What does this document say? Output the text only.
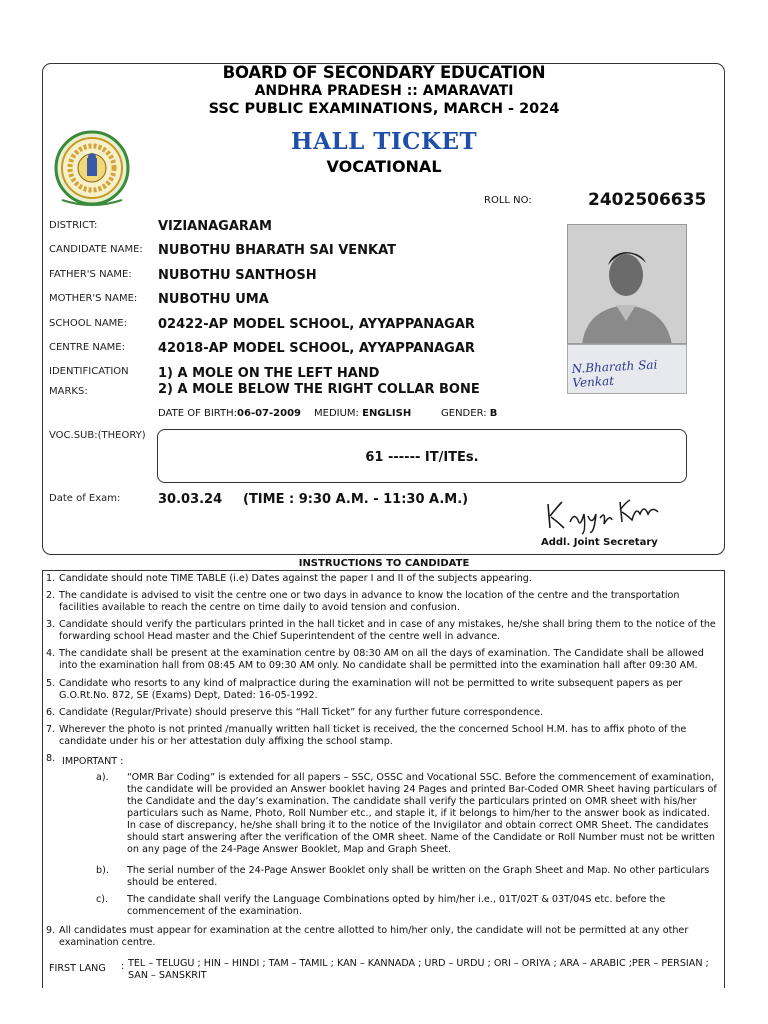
BOARD OF SECONDARY EDUCATION
ANDHRA PRADESH :: AMARAVATI
SSC PUBLIC EXAMINATIONS, MARCH - 2024
HALL TICKET
VOCATIONAL
ROLL NO:	2402506635
DISTRICT:	VIZIANAGARAM
CANDIDATE NAME: NUBOTHU BHARATH SAI VENKAT
FATHER'S NAME: NUBOTHU SANTHOSH
MOTHER'S NAME: NUBOTHU UMA
SCHOOL NAME: 02422-AP MODEL SCHOOL, AYYAPPANAGAR
CENTRE NAME:	42018-AP MODEL SCHOOL, AYYAPPANAGAR
IDENTIFICATION
MARKS:
1) A MOLE ON THE LEFT HAND
2) A MOLE BELOW THE RIGHT COLLAR BONE
N.Bharath Sai Venkat
DATE OF BIRTH:06-07-2009 MEDIUM: ENGLISH	GENDER: B
VOC.SUB:(THEORY)
61 ------ IT/ITEs.
Date of Exam:	30.03.24 (TIME : 9:30 A.M. - 11:30 A.M.)
Addl. Joint Secretary
INSTRUCTIONS TO CANDIDATE
1. Candidate should note TIME TABLE (i.e) Dates against the paper I and II of the subjects appearing.
2. The candidate is advised to visit the centre one or two days in advance to know the location of the centre and the transportation facilities available to reach the centre on time daily to avoid tension and confusion.
3. Candidate should verify the particulars printed in the hall ticket and in case of any mistakes, he/she shall bring them to the notice of the forwarding school Head master and the Chief Superintendent of the centre well in advance.
4. The candidate shall be present at the examination centre by 08:30 AM on all the days of examination. The Candidate shall be allowed into the examination hall from 08:45 AM to 09:30 AM only. No candidate shall be permitted into the examination hall after 09:30 AM.
5. Candidate who resorts to any kind of malpractice during the examination will not be permitted to write subsequent papers as per G.O.Rt.No. 872, SE (Exams) Dept, Dated: 16-05-1992.
6. Candidate (Regular/Private) should preserve this “Hall Ticket” for any further future correspondence.
7. Wherever the photo is not printed /manually written hall ticket is received, the the concerned School H.M. has to affix photo of the candidate under his or her attestation duly affixing the school stamp.
8. IMPORTANT :
a). “OMR Bar Coding” is extended for all papers – SSC, OSSC and Vocational SSC. Before the commencement of examination, the candidate will be provided an Answer booklet having 24 Pages and printed Bar-Coded OMR Sheet having particulars of the Candidate and the day’s examination. The candidate shall verify the particulars printed on OMR sheet with his/her particulars such as Name, Photo, Roll Number etc., and staple it, if it belongs to him/her to the answer book as indicated. In case of discrepancy, he/she shall bring it to the notice of the Invigilator and obtain correct OMR Sheet. The candidates should start answering after the verification of the OMR sheet. Name of the Candidate or Roll Number must not be written on any page of the 24-Page Answer Booklet, Map and Graph Sheet.
b). The serial number of the 24-Page Answer Booklet only shall be written on the Graph Sheet and Map. No other particulars should be entered.
c). The candidate shall verify the Language Combinations opted by him/her i.e., 01T/02T & 03T/04S etc. before the commencement of the examination.
9. All candidates must appear for examination at the centre allotted to him/her only, the candidate will not be permitted at any other examination centre.
FIRST LANG : TEL – TELUGU ; HIN – HINDI ; TAM – TAMIL ; KAN – KANNADA ; URD – URDU ; ORI – ORIYA ; ARA – ARABIC ;PER – PERSIAN ; SAN – SANSKRIT
